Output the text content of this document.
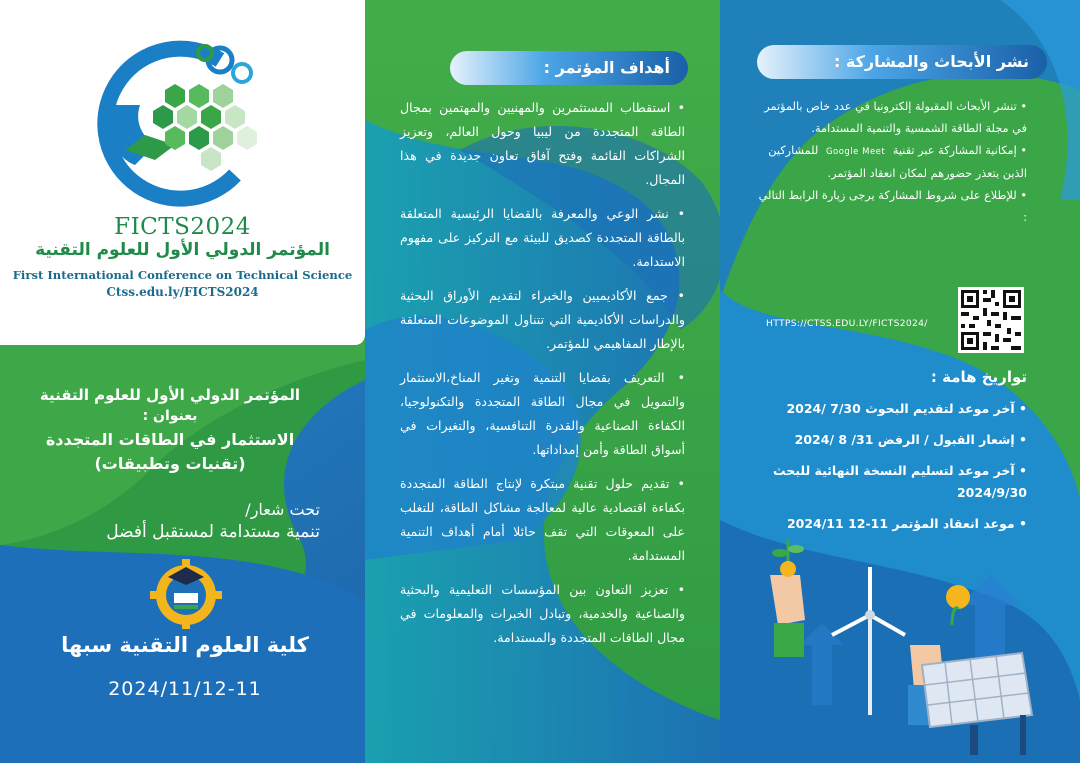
FICTS2024
المؤتمر الدولي الأول للعلوم التقنية
First International Conference on Technical Science
Ctss.edu.ly/FICTS2024
المؤتمر الدولي الأول للعلوم التقنية
بعنوان :
الاستثمار في الطاقات المتجددة
(تقنيات وتطبيقات)
تحت شعار/
تنمية مستدامة لمستقبل أفضل
كلية العلوم التقنية سبها
2024/11/12-11
أهداف المؤتمر :
• استقطاب المستثمرين والمهنيين والمهتمين بمجال الطاقة المتجددة من ليبيا وحول العالم، وتعزيز الشراكات القائمة وفتح آفاق تعاون جديدة في هذا المجال.
• نشر الوعي والمعرفة بالقضايا الرئيسية المتعلقة بالطاقة المتجددة كصديق للبيئة مع التركيز على مفهوم الاستدامة.
• جمع الأكاديميين والخبراء لتقديم الأوراق البحثية والدراسات الأكاديمية التي تتناول الموضوعات المتعلقة بالإطار المفاهيمي للمؤتمر.
• التعريف بقضايا التنمية وتغير المناخ،الاستثمار والتمويل في مجال الطاقة المتجددة والتكنولوجيا، الكفاءة الصناعية والقدرة التنافسية، والتغيرات في أسواق الطاقة وأمن إمداداتها.
• تقديم حلول تقنية مبتكرة لإنتاج الطاقة المتجددة بكفاءة اقتصادية عالية لمعالجة مشاكل الطاقة، للتغلب على المعوقات التي تقف حائلا أمام أهداف التنمية المستدامة.
• تعزيز التعاون بين المؤسسات التعليمية والبحثية والصناعية والخدمية، وتبادل الخبرات والمعلومات في مجال الطاقات المتجددة والمستدامة.
نشر الأبحاث والمشاركة :
• تنشر الأبحاث المقبولة إلكترونيا في عدد خاص بالمؤتمر في مجلة الطاقة الشمسية والتنمية المستدامة.
• إمكانية المشاركة عبر تقنية Google Meet للمشاركين الذين يتعذر حضورهم لمكان انعقاد المؤتمر.
• للإطلاع على شروط المشاركة يرجى زيارة الرابط التالي :
HTTPS://CTSS.EDU.LY/FICTS2024/
تواريخ هامة :
• آخر موعد لتقديم البحوث 7/30 /2024
• إشعار القبول / الرفض 31/ 8 /2024
• آخر موعد لتسليم النسخة النهائية للبحث 2024/9/30
• موعد انعقاد المؤتمر 11-12 2024/11
